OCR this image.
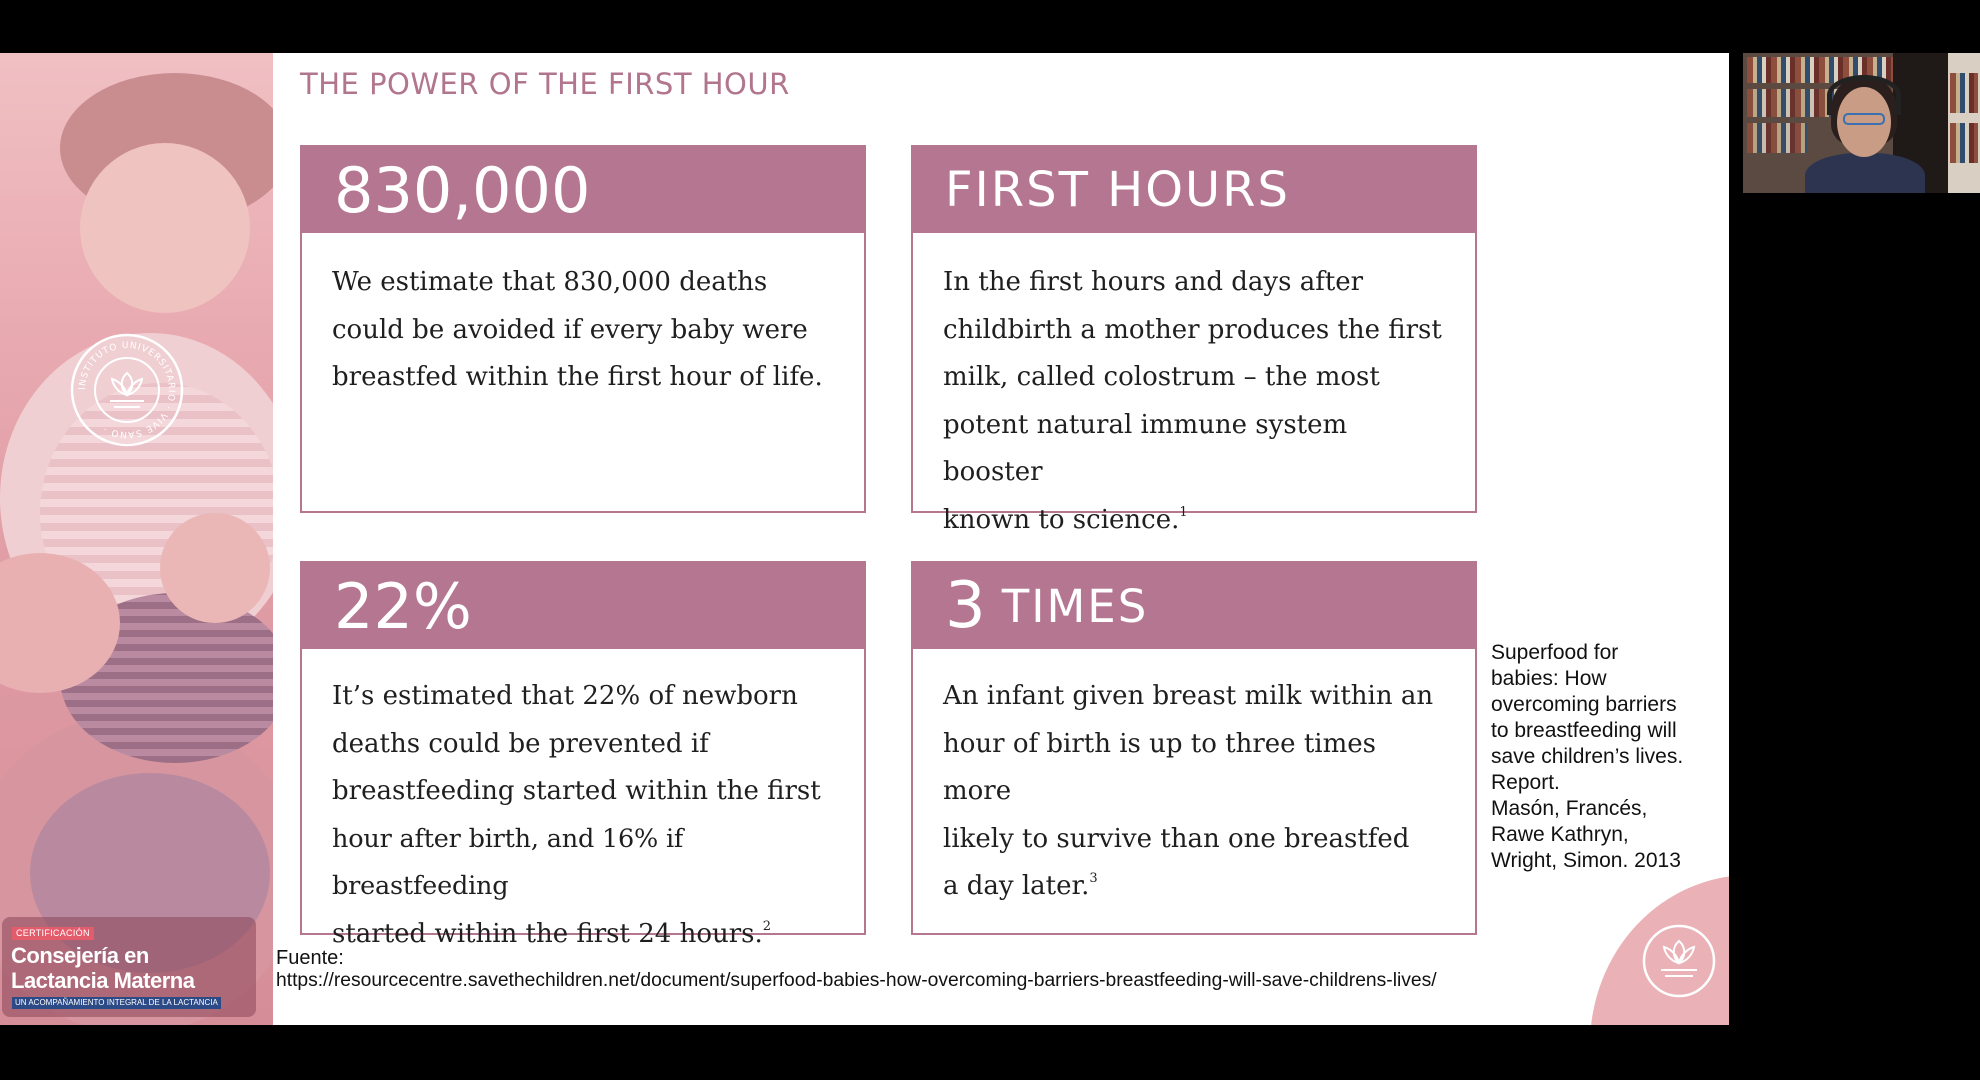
INSTITUTO UNIVERSITARIO · VIVE SANO ·
CERTIFICACIÓN
Consejería en
Lactancia Materna
UN ACOMPAÑAMIENTO INTEGRAL DE LA LACTANCIA
THE POWER OF THE FIRST HOUR
830,000
We estimate that 830,000 deaths
could be avoided if every baby were
breastfed within the first hour of life.
FIRST HOURS
In the first hours and days after
childbirth a mother produces the first
milk, called colostrum – the most
potent natural immune system booster
known to science.$^1$
22%
It’s estimated that 22% of newborn
deaths could be prevented if
breastfeeding started within the first
hour after birth, and 16% if breastfeeding
started within the first 24 hours.$^2$
3 TIMES
An infant given breast milk within an
hour of birth is up to three times more
likely to survive than one breastfed
a day later.$^3$
Superfood for
babies: How
overcoming barriers
to breastfeeding will
save children’s lives.
Report.
Masón, Francés,
Rawe Kathryn,
Wright, Simon. 2013
Fuente:
https://resourcecentre.savethechildren.net/document/superfood-babies-how-overcoming-barriers-breastfeeding-will-save-childrens-lives/
